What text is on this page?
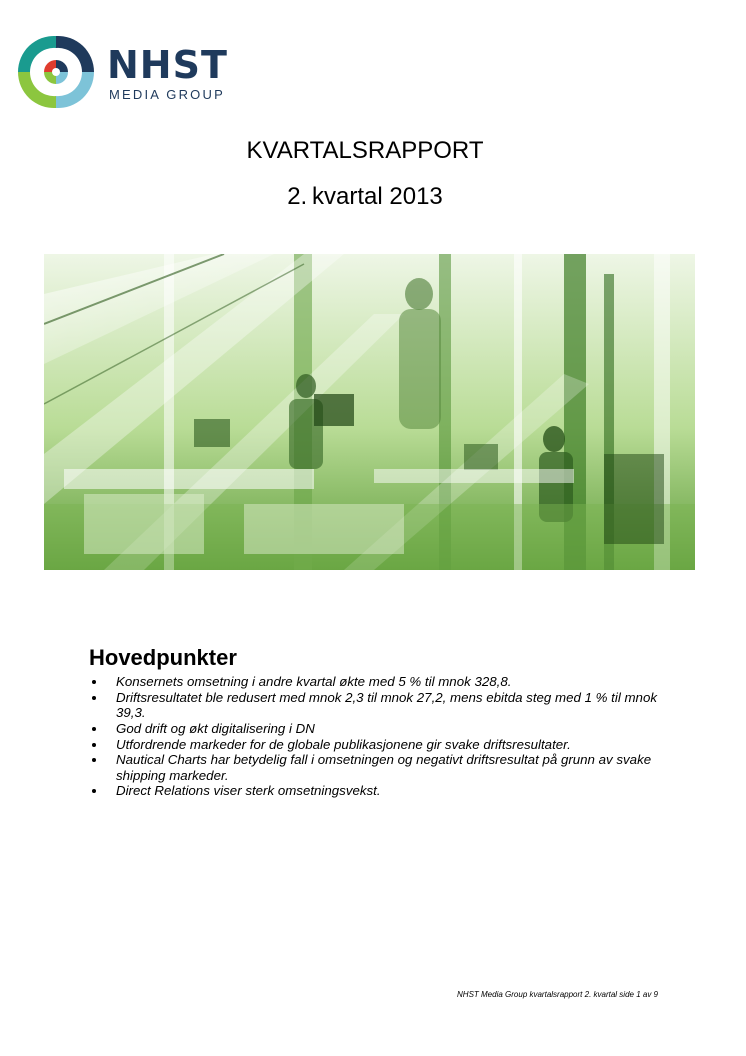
NHST
MEDIA GROUP
KVARTALSRAPPORT
2. kvartal 2013
Hovedpunkter
Konsernets omsetning i andre kvartal økte med 5 % til mnok 328,8.
Driftsresultatet ble redusert med mnok 2,3 til mnok 27,2, mens ebitda steg med 1 % til mnok 39,3.
God drift og økt digitalisering i DN
Utfordrende markeder for de globale publikasjonene gir svake driftsresultater.
Nautical Charts har betydelig fall i omsetningen og negativt driftsresultat på grunn av svake shipping markeder.
Direct Relations viser sterk omsetningsvekst.
NHST Media Group kvartalsrapport 2. kvartal side 1 av 9
